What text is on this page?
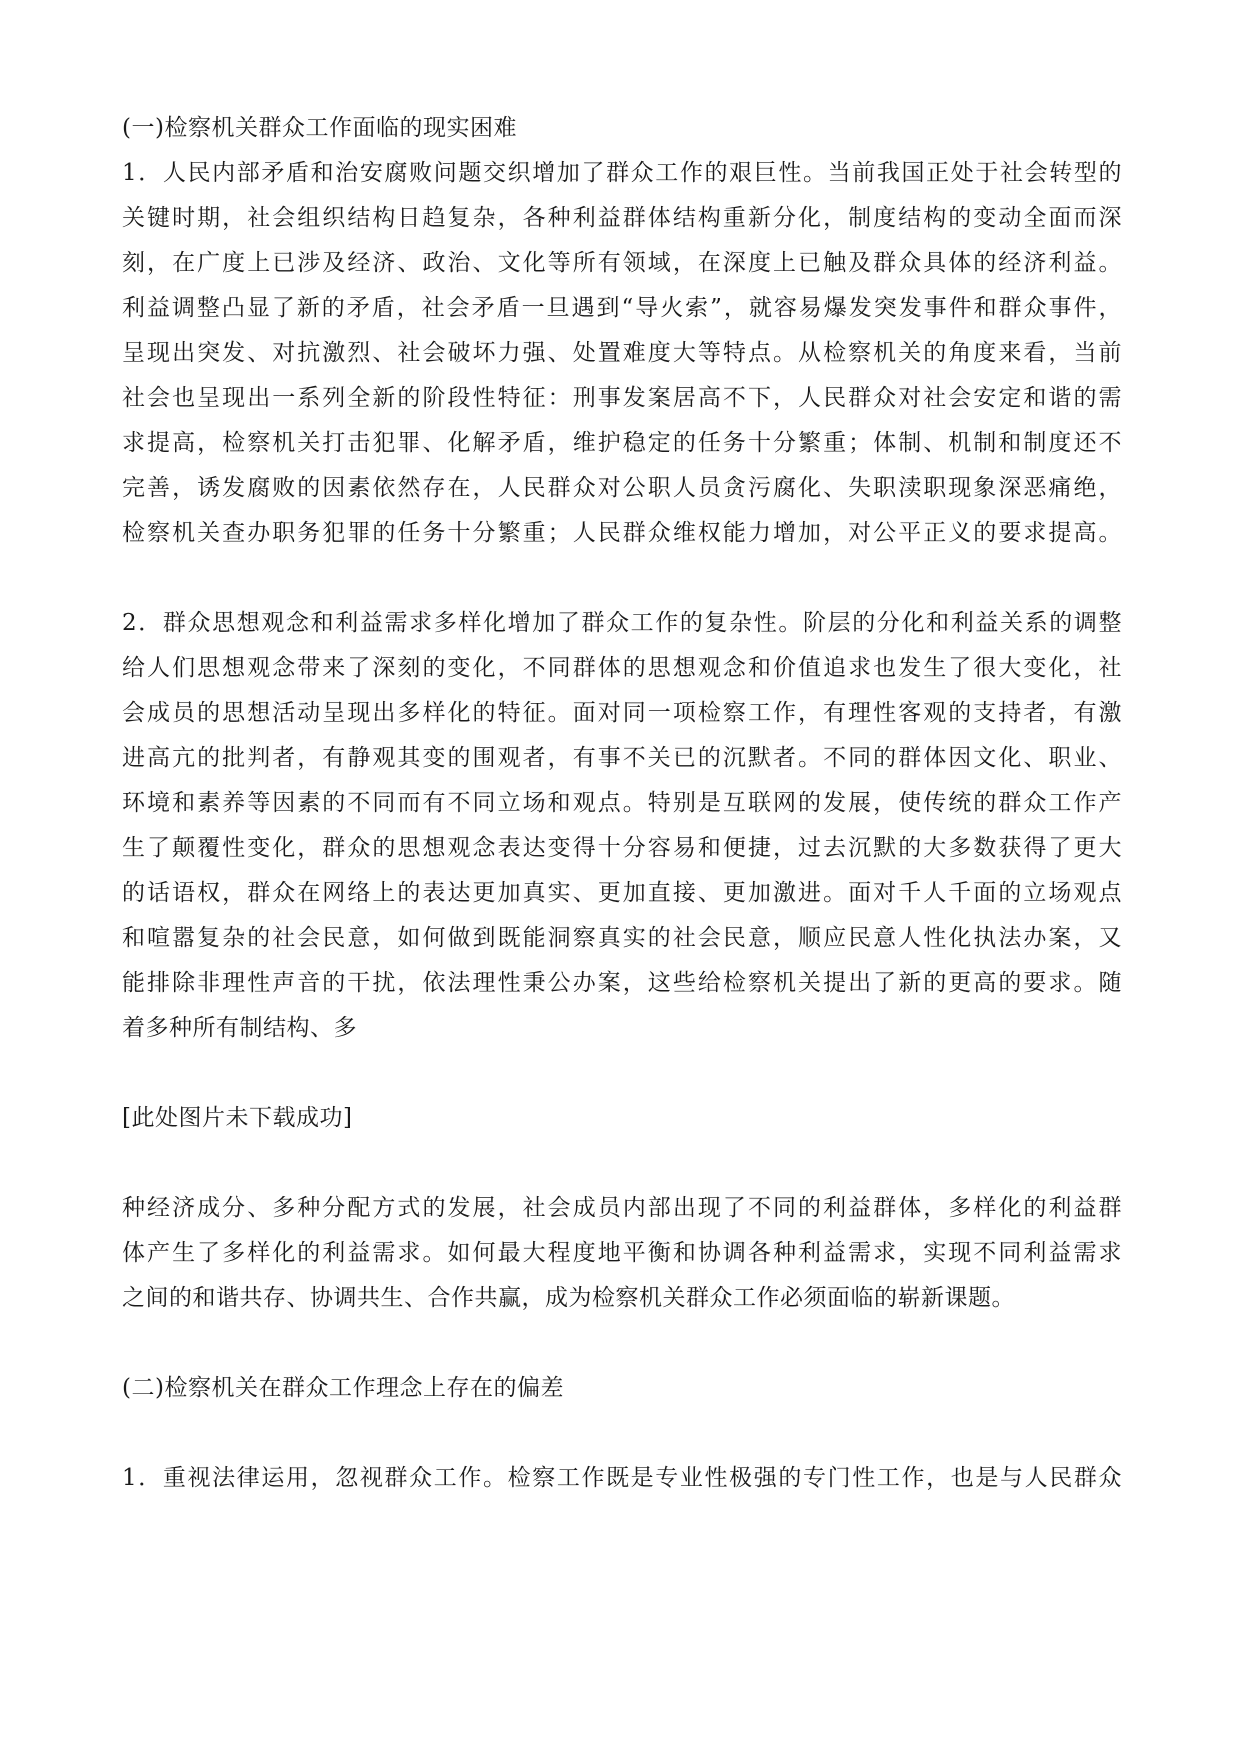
(一)检察机关群众工作面临的现实困难
1．人民内部矛盾和治安腐败问题交织增加了群众工作的艰巨性。当前我国正处于社会转型的
关键时期，社会组织结构日趋复杂，各种利益群体结构重新分化，制度结构的变动全面而深
刻，在广度上已涉及经济、政治、文化等所有领域，在深度上已触及群众具体的经济利益。
利益调整凸显了新的矛盾，社会矛盾一旦遇到“导火索”，就容易爆发突发事件和群众事件，
呈现出突发、对抗激烈、社会破坏力强、处置难度大等特点。从检察机关的角度来看，当前
社会也呈现出一系列全新的阶段性特征：刑事发案居高不下，人民群众对社会安定和谐的需
求提高，检察机关打击犯罪、化解矛盾，维护稳定的任务十分繁重；体制、机制和制度还不
完善，诱发腐败的因素依然存在，人民群众对公职人员贪污腐化、失职渎职现象深恶痛绝，
检察机关查办职务犯罪的任务十分繁重；人民群众维权能力增加，对公平正义的要求提高。
2．群众思想观念和利益需求多样化增加了群众工作的复杂性。阶层的分化和利益关系的调整
给人们思想观念带来了深刻的变化，不同群体的思想观念和价值追求也发生了很大变化，社
会成员的思想活动呈现出多样化的特征。面对同一项检察工作，有理性客观的支持者，有激
进高亢的批判者，有静观其变的围观者，有事不关已的沉默者。不同的群体因文化、职业、
环境和素养等因素的不同而有不同立场和观点。特别是互联网的发展，使传统的群众工作产
生了颠覆性变化，群众的思想观念表达变得十分容易和便捷，过去沉默的大多数获得了更大
的话语权，群众在网络上的表达更加真实、更加直接、更加激进。面对千人千面的立场观点
和喧嚣复杂的社会民意，如何做到既能洞察真实的社会民意，顺应民意人性化执法办案，又
能排除非理性声音的干扰，依法理性秉公办案，这些给检察机关提出了新的更高的要求。随
着多种所有制结构、多
[此处图片未下载成功]
种经济成分、多种分配方式的发展，社会成员内部出现了不同的利益群体，多样化的利益群
体产生了多样化的利益需求。如何最大程度地平衡和协调各种利益需求，实现不同利益需求
之间的和谐共存、协调共生、合作共赢，成为检察机关群众工作必须面临的崭新课题。
(二)检察机关在群众工作理念上存在的偏差
1．重视法律运用，忽视群众工作。检察工作既是专业性极强的专门性工作，也是与人民群众
